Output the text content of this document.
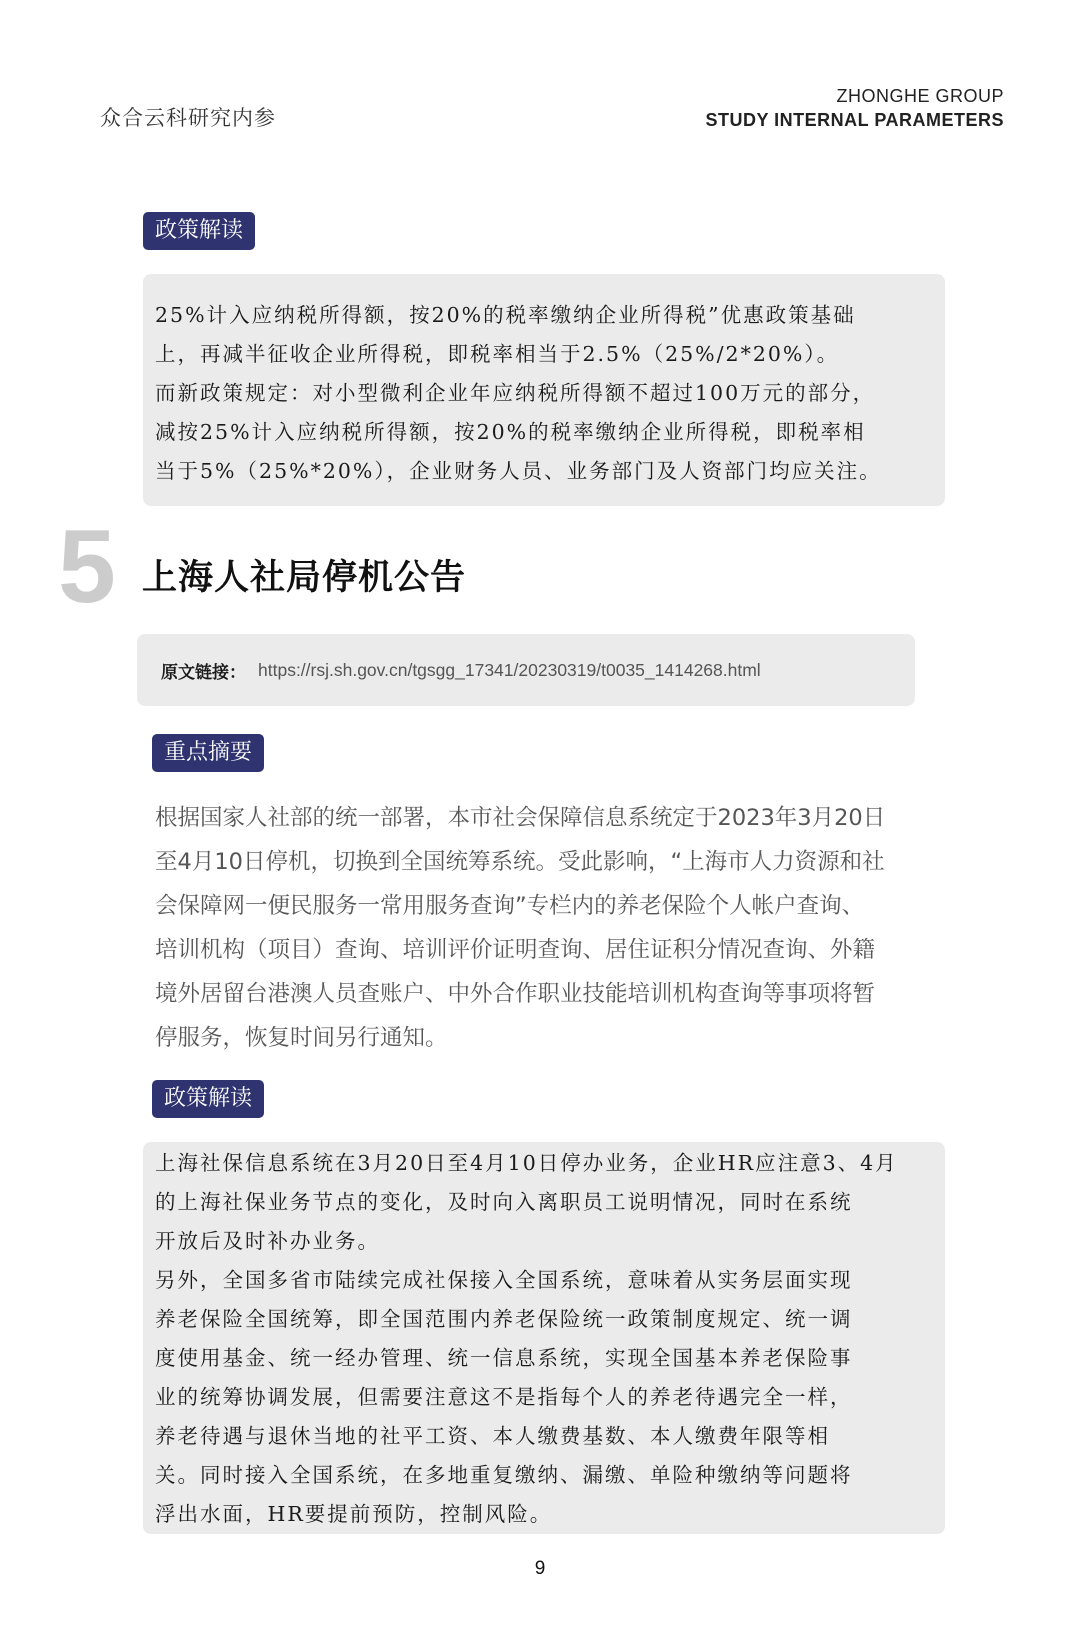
众合云科研究内参
ZHONGHE GROUP
STUDY INTERNAL PARAMETERS
政策解读

25%计入应纳税所得额，按20%的税率缴纳企业所得税”优惠政策基础

上，再减半征收企业所得税，即税率相当于2.5%（25%/2*20%）。

而新政策规定：对小型微利企业年应纳税所得额不超过100万元的部分，

减按25%计入应纳税所得额，按20%的税率缴纳企业所得税，即税率相

当于5%（25%*20%），企业财务人员、业务部门及人资部门均应关注。

5 上海人社局停机公告
原文链接： https://rsj.sh.gov.cn/tgsgg_17341/20230319/t0035_1414268.html
重点摘要

根据国家人社部的统一部署，本市社会保障信息系统定于2023年3月20日

至4月10日停机，切换到全国统筹系统。受此影响，“上海市人力资源和社

会保障网一便民服务一常用服务查询”专栏内的养老保险个人帐户查询、

培训机构（项目）查询、培训评价证明查询、居住证积分情况查询、外籍

境外居留台港澳人员查账户、中外合作职业技能培训机构查询等事项将暂

停服务，恢复时间另行通知。

政策解读

上海社保信息系统在3月20日至4月10日停办业务，企业HR应注意3、4月

的上海社保业务节点的变化，及时向入离职员工说明情况，同时在系统

开放后及时补办业务。

另外，全国多省市陆续完成社保接入全国系统，意味着从实务层面实现

养老保险全国统筹，即全国范围内养老保险统一政策制度规定、统一调

度使用基金、统一经办管理、统一信息系统，实现全国基本养老保险事

业的统筹协调发展，但需要注意这不是指每个人的养老待遇完全一样，

养老待遇与退休当地的社平工资、本人缴费基数、本人缴费年限等相

关。同时接入全国系统，在多地重复缴纳、漏缴、单险种缴纳等问题将

浮出水面，HR要提前预防，控制风险。

9
